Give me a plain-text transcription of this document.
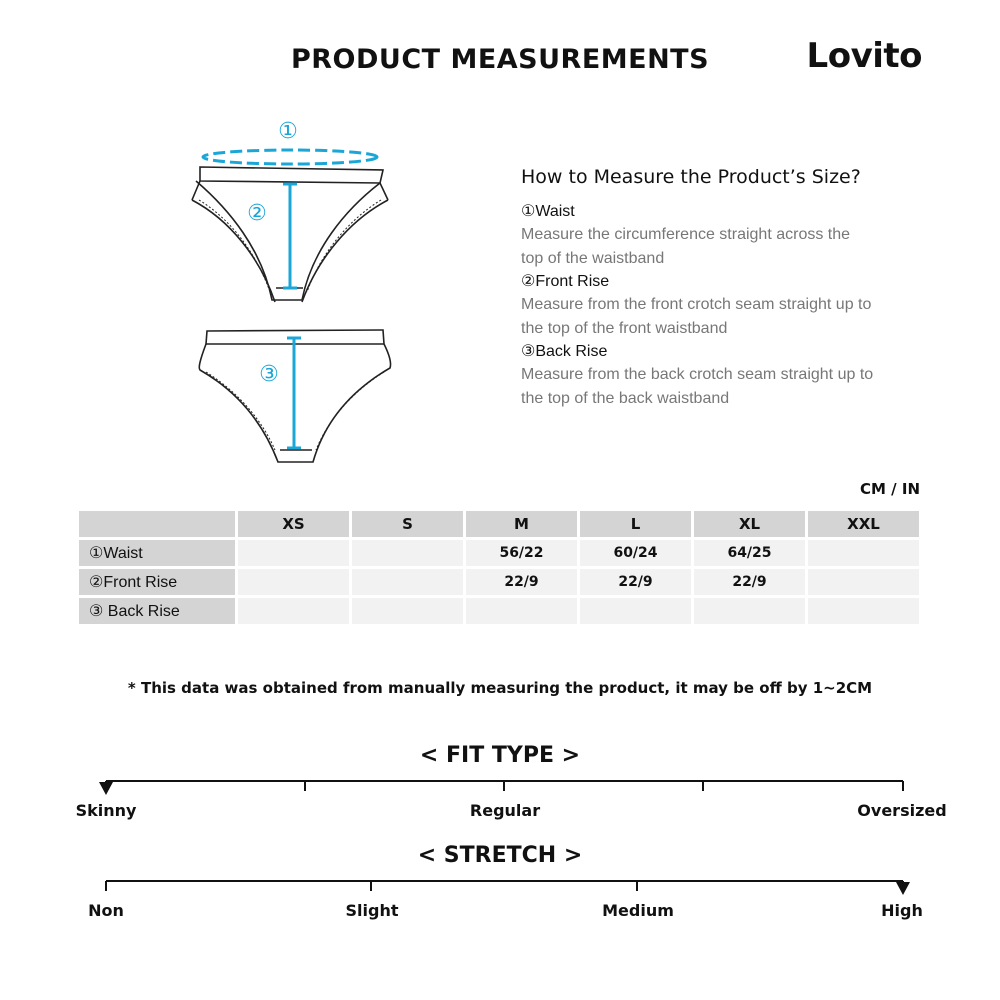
PRODUCT MEASUREMENTS	Lovito
①
②
③
How to Measure the Product’s Size?
①Waist
Measure the circumference straight across the
top of the waistband
②Front Rise
Measure from the front crotch seam straight up to
the top of the front waistband
③Back Rise
Measure from the back crotch seam straight up to
the top of the back waistband
CM / IN
	XS	S	M	L	XL	XXL
①Waist			56/22	60/24	64/25	
②Front Rise			22/9	22/9	22/9	
③ Back Rise						
* This data was obtained from manually measuring the product, it may be off by 1~2CM
< FIT TYPE >
Skinny	Regular	Oversized
< STRETCH >
Non	Slight	Medium	High
